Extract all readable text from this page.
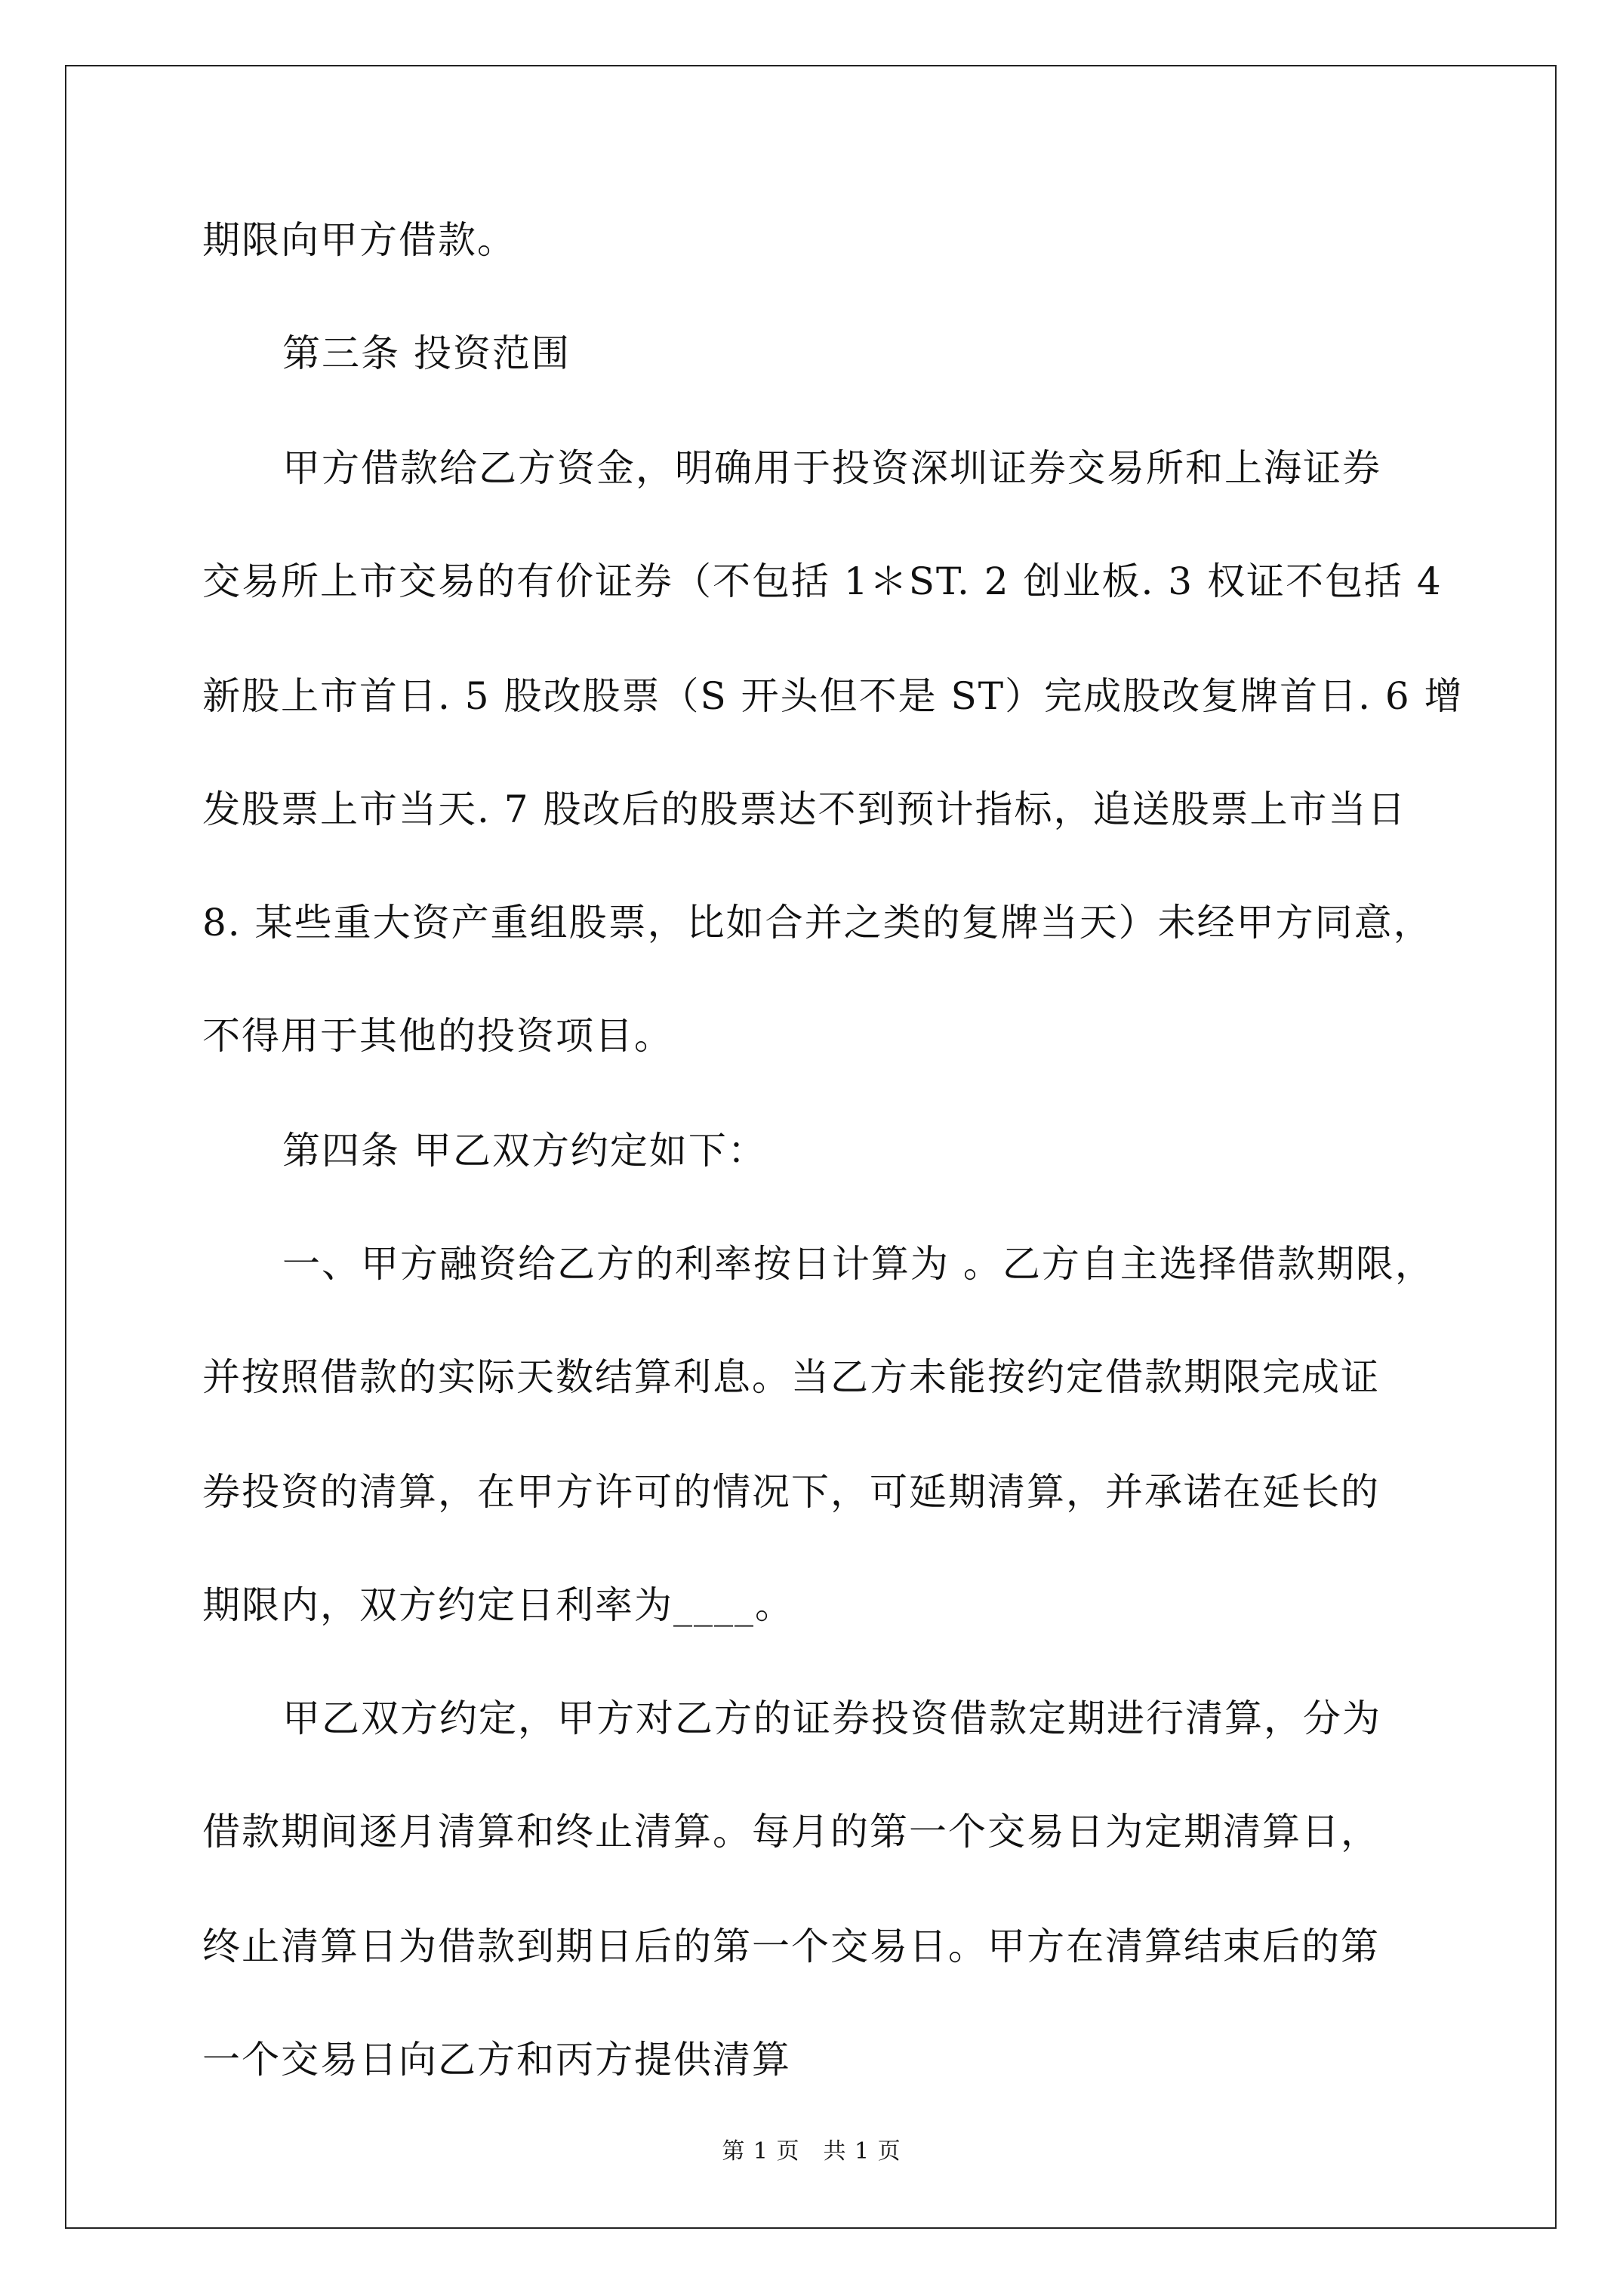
期限向甲方借款。
第三条 投资范围
甲方借款给乙方资金，明确用于投资深圳证券交易所和上海证券
交易所上市交易的有价证券（不包括 1＊ST. 2 创业板. 3 权证不包括 4
新股上市首日. 5 股改股票（S 开头但不是 ST）完成股改复牌首日. 6 增
发股票上市当天. 7 股改后的股票达不到预计指标，追送股票上市当日
8. 某些重大资产重组股票，比如合并之类的复牌当天）未经甲方同意，
不得用于其他的投资项目。
第四条 甲乙双方约定如下：
一、甲方融资给乙方的利率按日计算为 。乙方自主选择借款期限，
并按照借款的实际天数结算利息。当乙方未能按约定借款期限完成证
券投资的清算，在甲方许可的情况下，可延期清算，并承诺在延长的
期限内，双方约定日利率为____。
甲乙双方约定，甲方对乙方的证券投资借款定期进行清算，分为
借款期间逐月清算和终止清算。每月的第一个交易日为定期清算日，
终止清算日为借款到期日后的第一个交易日。甲方在清算结束后的第
一个交易日向乙方和丙方提供清算
第 1 页　共 1 页
